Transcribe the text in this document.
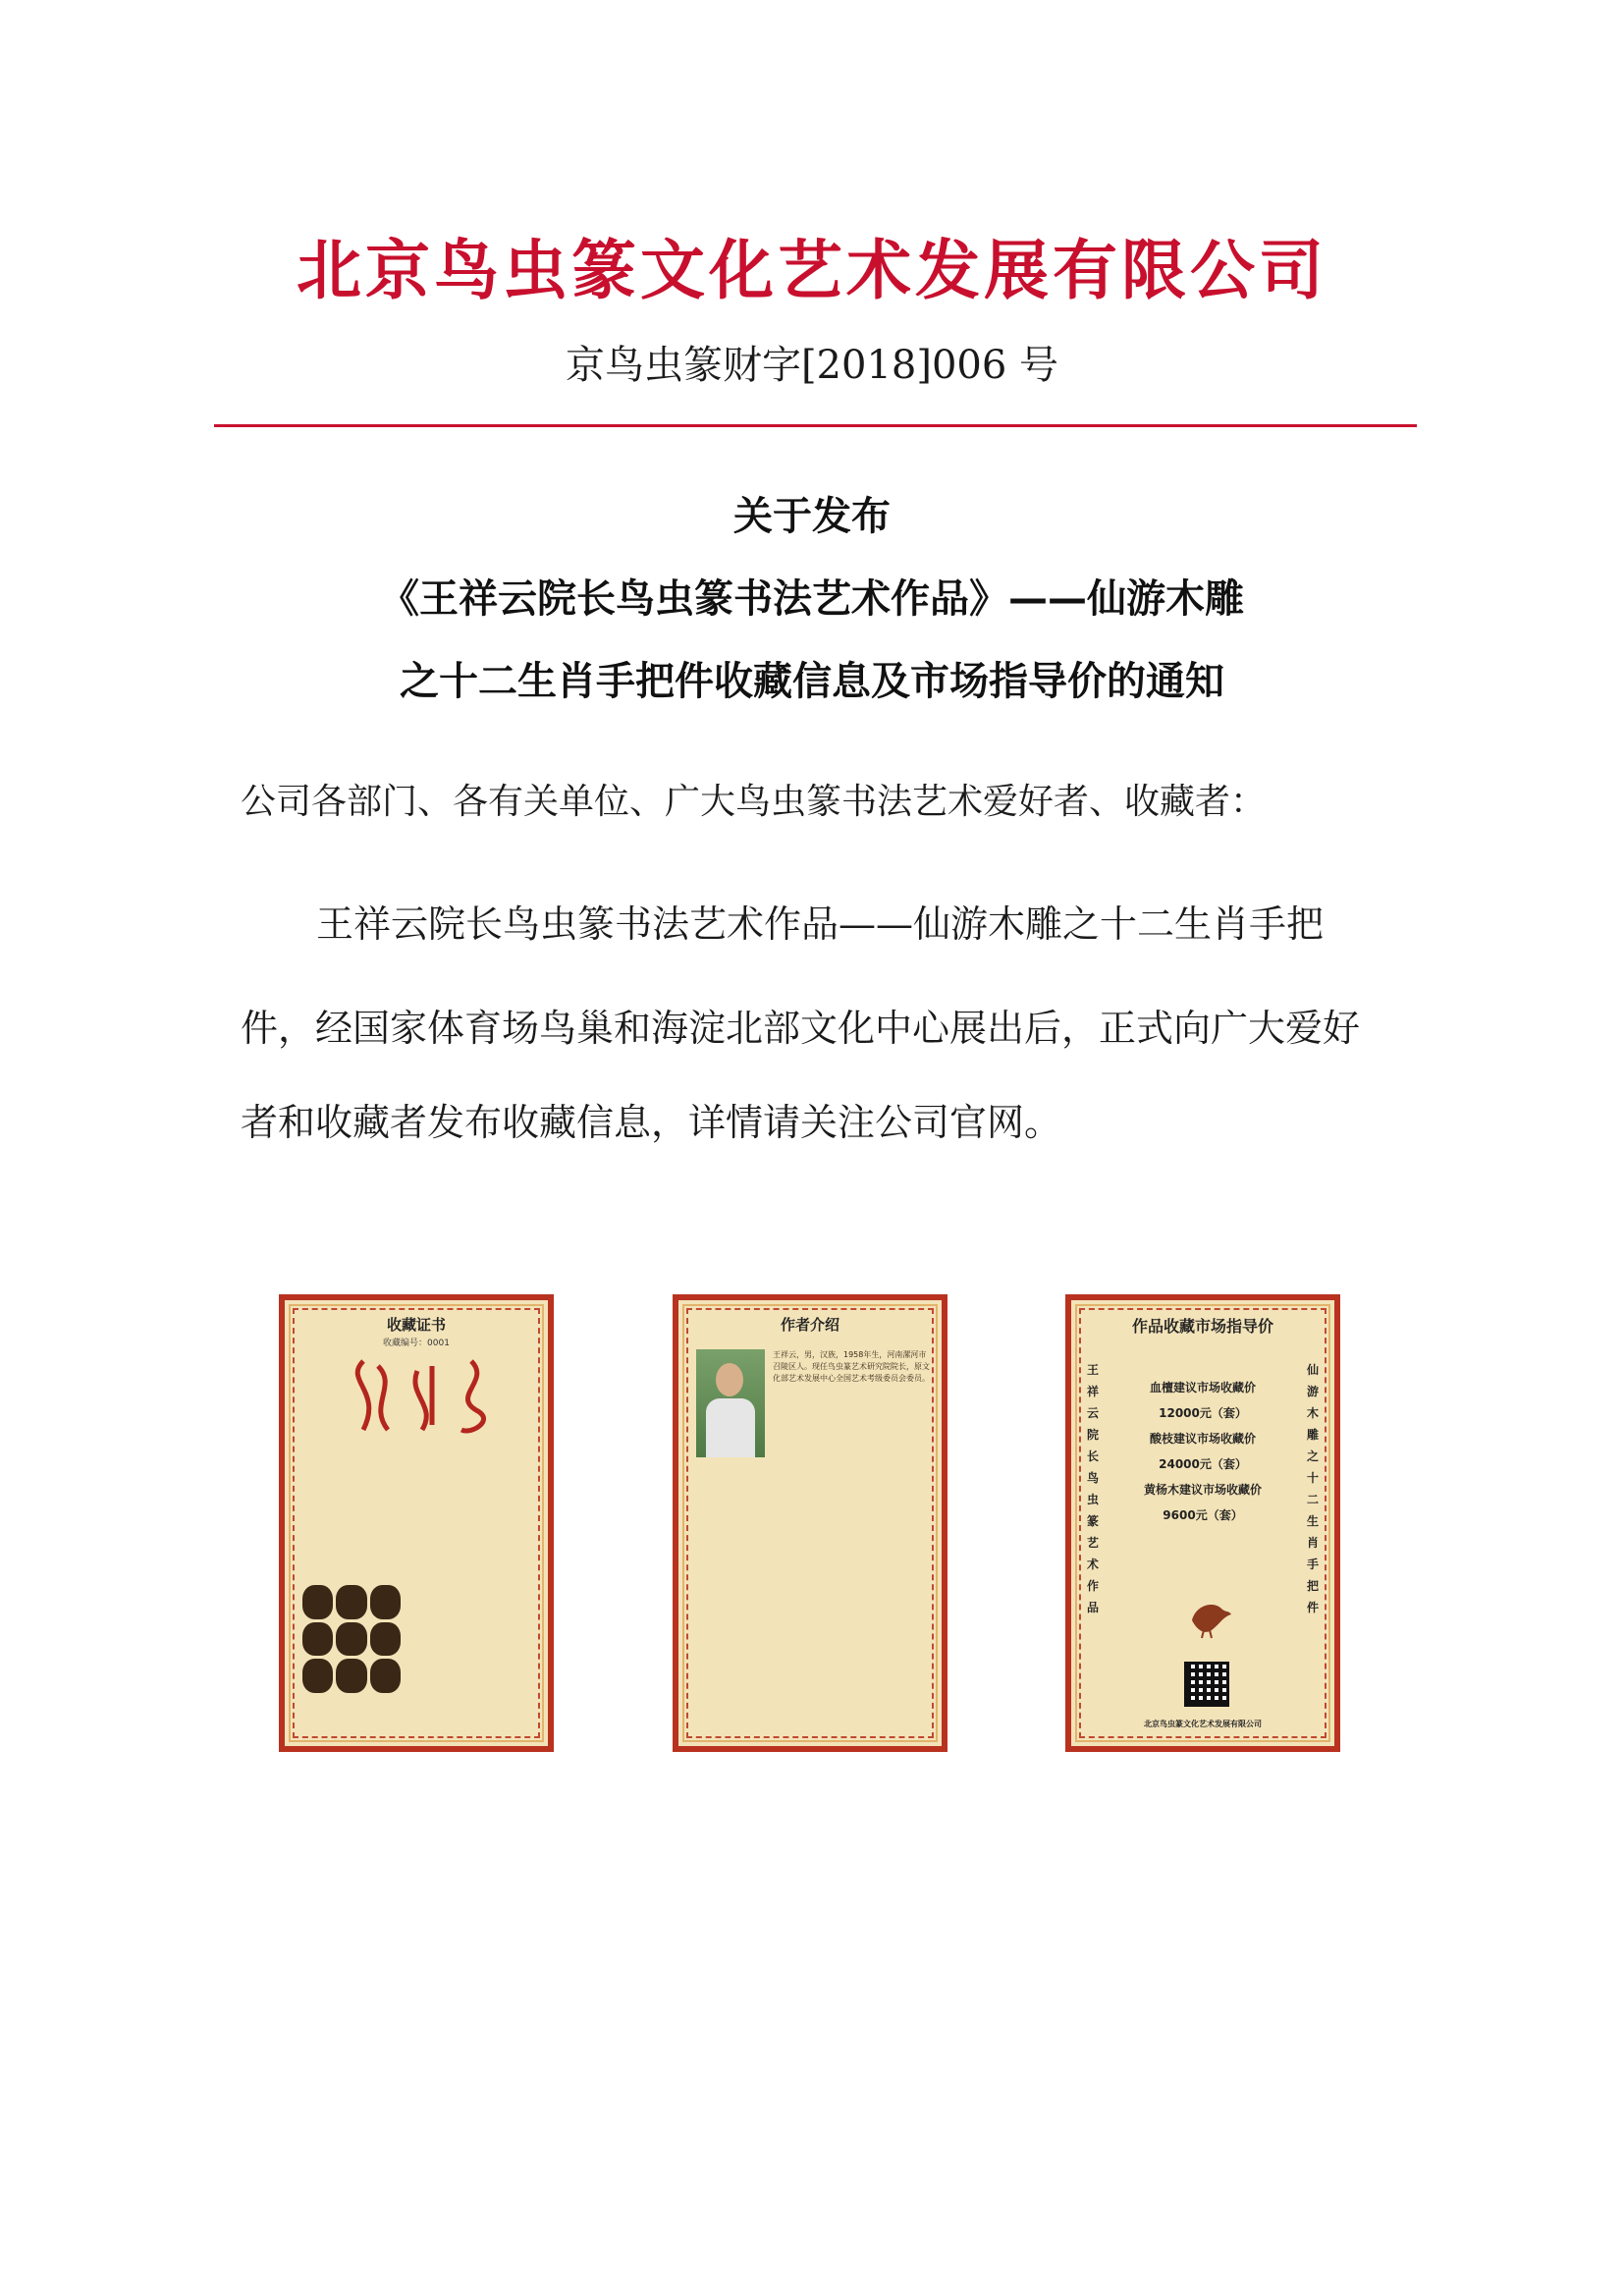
北京鸟虫篆文化艺术发展有限公司
京鸟虫篆财字[2018]006 号
关于发布
《王祥云院长鸟虫篆书法艺术作品》——仙游木雕
之十二生肖手把件收藏信息及市场指导价的通知
公司各部门、各有关单位、广大鸟虫篆书法艺术爱好者、收藏者：
王祥云院长鸟虫篆书法艺术作品——仙游木雕之十二生肖手把
件，经国家体育场鸟巢和海淀北部文化中心展出后，正式向广大爱好
者和收藏者发布收藏信息，详情请关注公司官网。
收藏证书
收藏编号：0001
作者介绍
王祥云，男，汉族，1958年生，河南漯河市召陵区人。现任鸟虫篆艺术研究院院长，原文化部艺术发展中心全国艺术考级委员会委员。
作品收藏市场指导价
王祥云院长鸟虫篆艺术作品
仙游木雕之十二生肖手把件
血檀建议市场收藏价
12000元（套）
酸枝建议市场收藏价
24000元（套）
黄杨木建议市场收藏价
9600元（套）
北京鸟虫篆文化艺术发展有限公司
